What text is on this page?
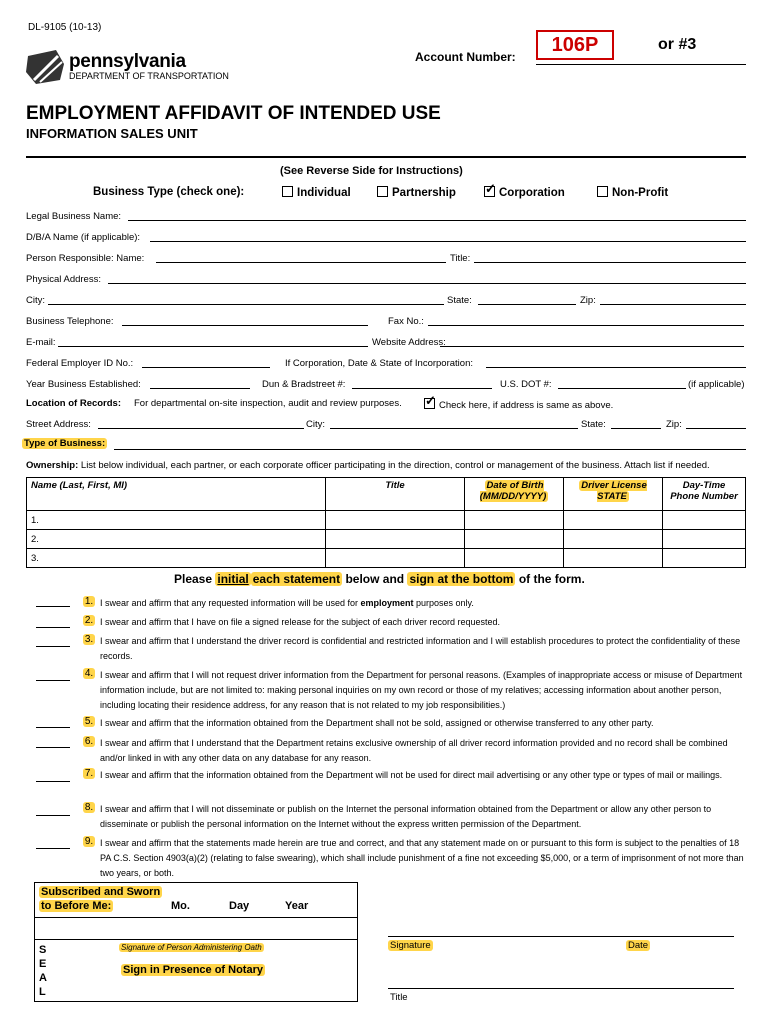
DL-9105 (10-13)
pennsylvania
DEPARTMENT OF TRANSPORTATION
Account Number:
106P	or #3
EMPLOYMENT AFFIDAVIT OF INTENDED USE
INFORMATION SALES UNIT
(See Reverse Side for Instructions)
Business Type (check one):	Individual	Partnership ✓	Corporation	Non-Profit
Legal Business Name:
D/B/A Name (if applicable):
Person Responsible: Name:	Title:
Physical Address:
City:	State:	Zip:
Business Telephone:	Fax No.:
E-mail:	Website Address:
Federal Employer ID No.:	If Corporation, Date & State of Incorporation:
Year Business Established:	Dun & Bradstreet #:	U.S. DOT #:	(if applicable)
Location of Records: For departmental on-site inspection, audit and review purposes. ✓	Check here, if address is same as above.
Street Address:	City:	State:	Zip:
Type of Business:
Ownership: List below individual, each partner, or each corporate officer participating in the direction, control or management of the business. Attach list if needed.
Name (Last, First, MI)	Title	Date of Birth (MM/DD/YYYY)	Driver License STATE	Day-Time Phone Number
1.				
2.				
3.				
Please initial each statement below and sign at the bottom of the form.
1. I swear and affirm that any requested information will be used for employment purposes only.
2. I swear and affirm that I have on file a signed release for the subject of each driver record requested.
3. I swear and affirm that I understand the driver record is confidential and restricted information and I will establish procedures to protect the confidentiality of these records.
4. I swear and affirm that I will not request driver information from the Department for personal reasons. (Examples of inappropriate access or misuse of Department information include, but are not limited to: making personal inquiries on my own record or those of my relatives; accessing information about another person, including locating their residence address, for any reason that is not related to my job responsibilities.)
5. I swear and affirm that the information obtained from the Department shall not be sold, assigned or otherwise transferred to any other party.
6. I swear and affirm that I understand that the Department retains exclusive ownership of all driver record information provided and no record shall be combined and/or linked in with any other data on any database for any reason.
7. I swear and affirm that the information obtained from the Department will not be used for direct mail advertising or any other type or types of mail or mailings.
8. I swear and affirm that I will not disseminate or publish on the Internet the personal information obtained from the Department or allow any other person to disseminate or publish the personal information on the Internet without the express written permission of the Department.
9. I swear and affirm that the statements made herein are true and correct, and that any statement made on or pursuant to this form is subject to the penalties of 18 PA C.S. Section 4903(a)(2) (relating to false swearing), which shall include punishment of a fine not exceeding $5,000, or a term of imprisonment of not more than two years, or both.
Subscribed and Sworn
to Before Me:	Mo.	Day	Year
S
E
A
L
Signature of Person Administering Oath
Sign in Presence of Notary
Signature	Date
Title
